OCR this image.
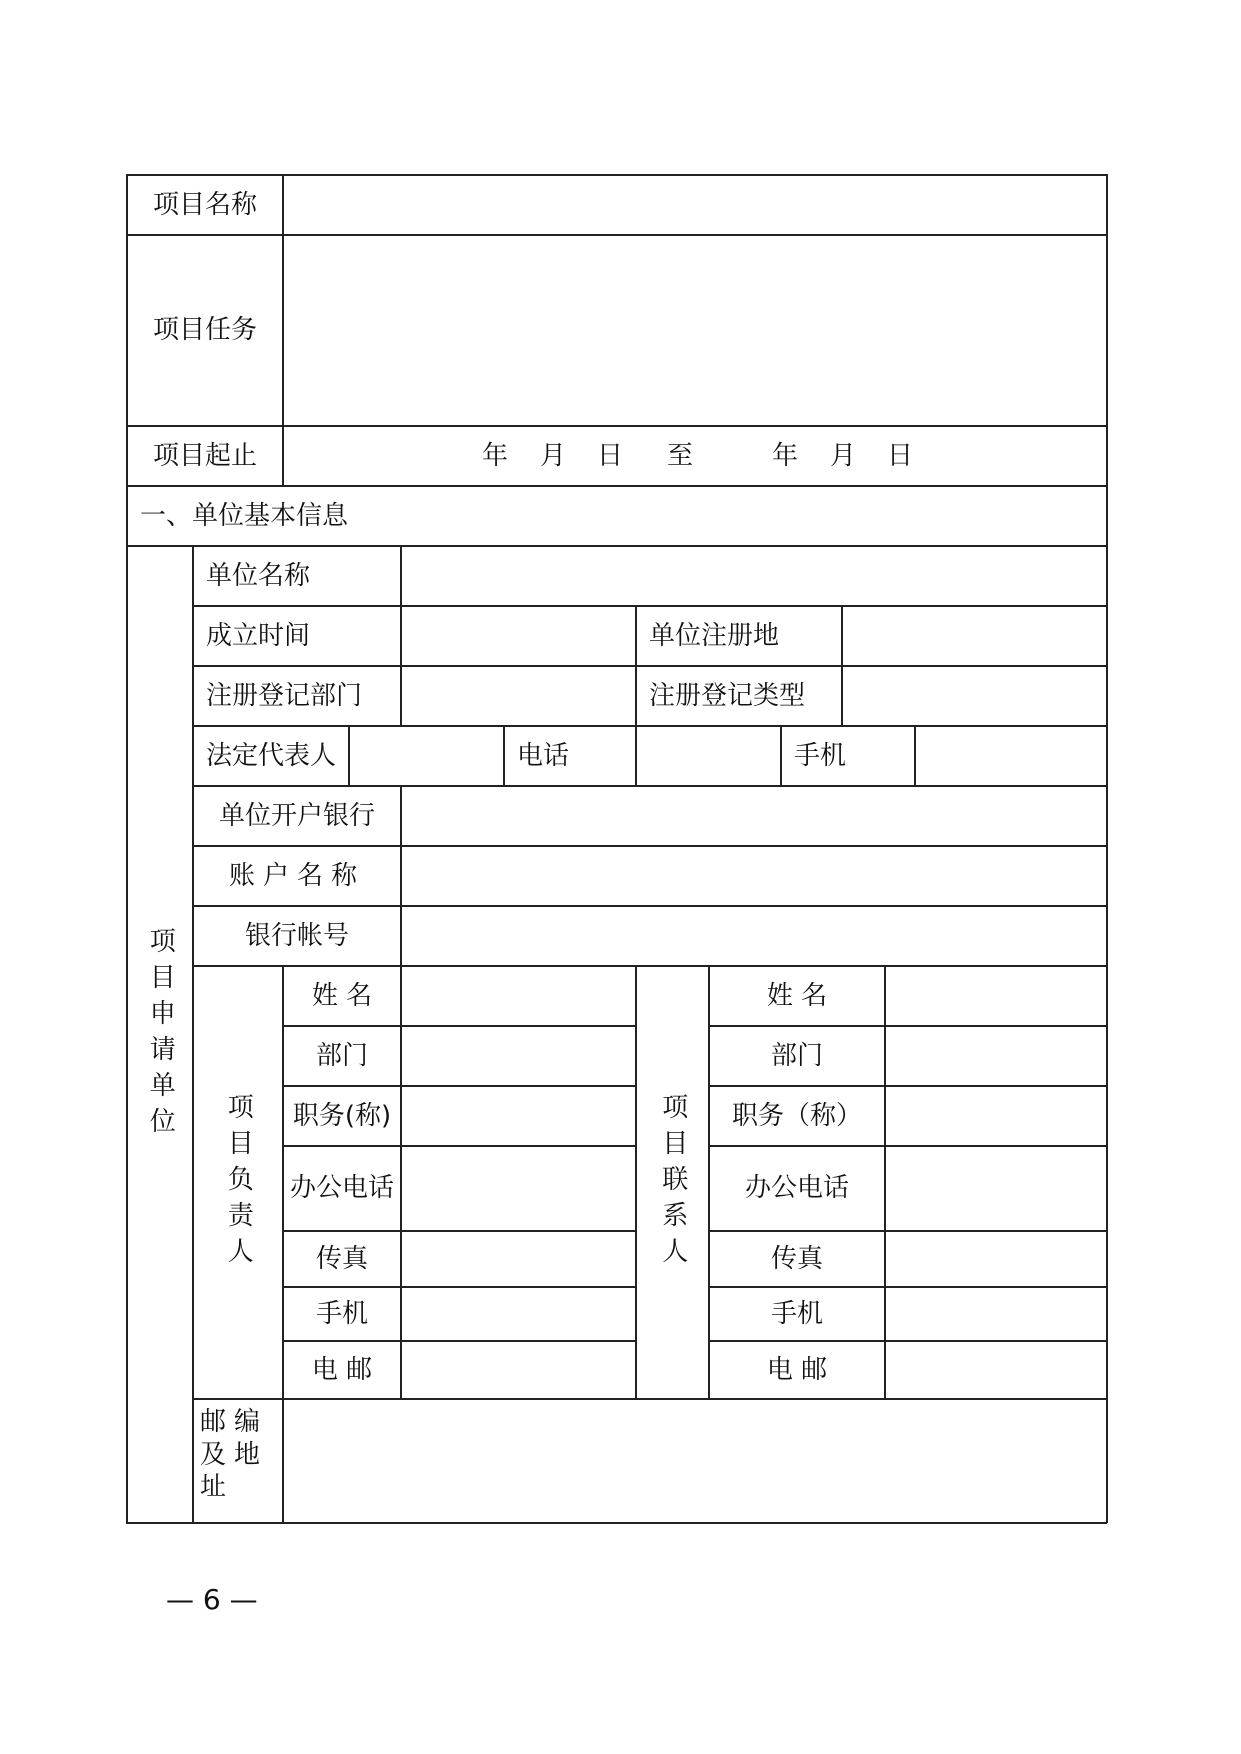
项目名称
项目任务
项目起止	年 月 日 至	年 月 日
一、单位基本信息
项目申请单位
单位名称
成立时间	单位注册地
注册登记部门	注册登记类型
法定代表人	电话	手机
单位开户银行
账户名称
银行帐号
项目负责人	项目联系人
姓 名	姓 名
部门	部门
职务(称)	职务（称）
办公电话	办公电话
传真	传真
手机	手机
电 邮	电 邮
邮编及地址
— 6 —
